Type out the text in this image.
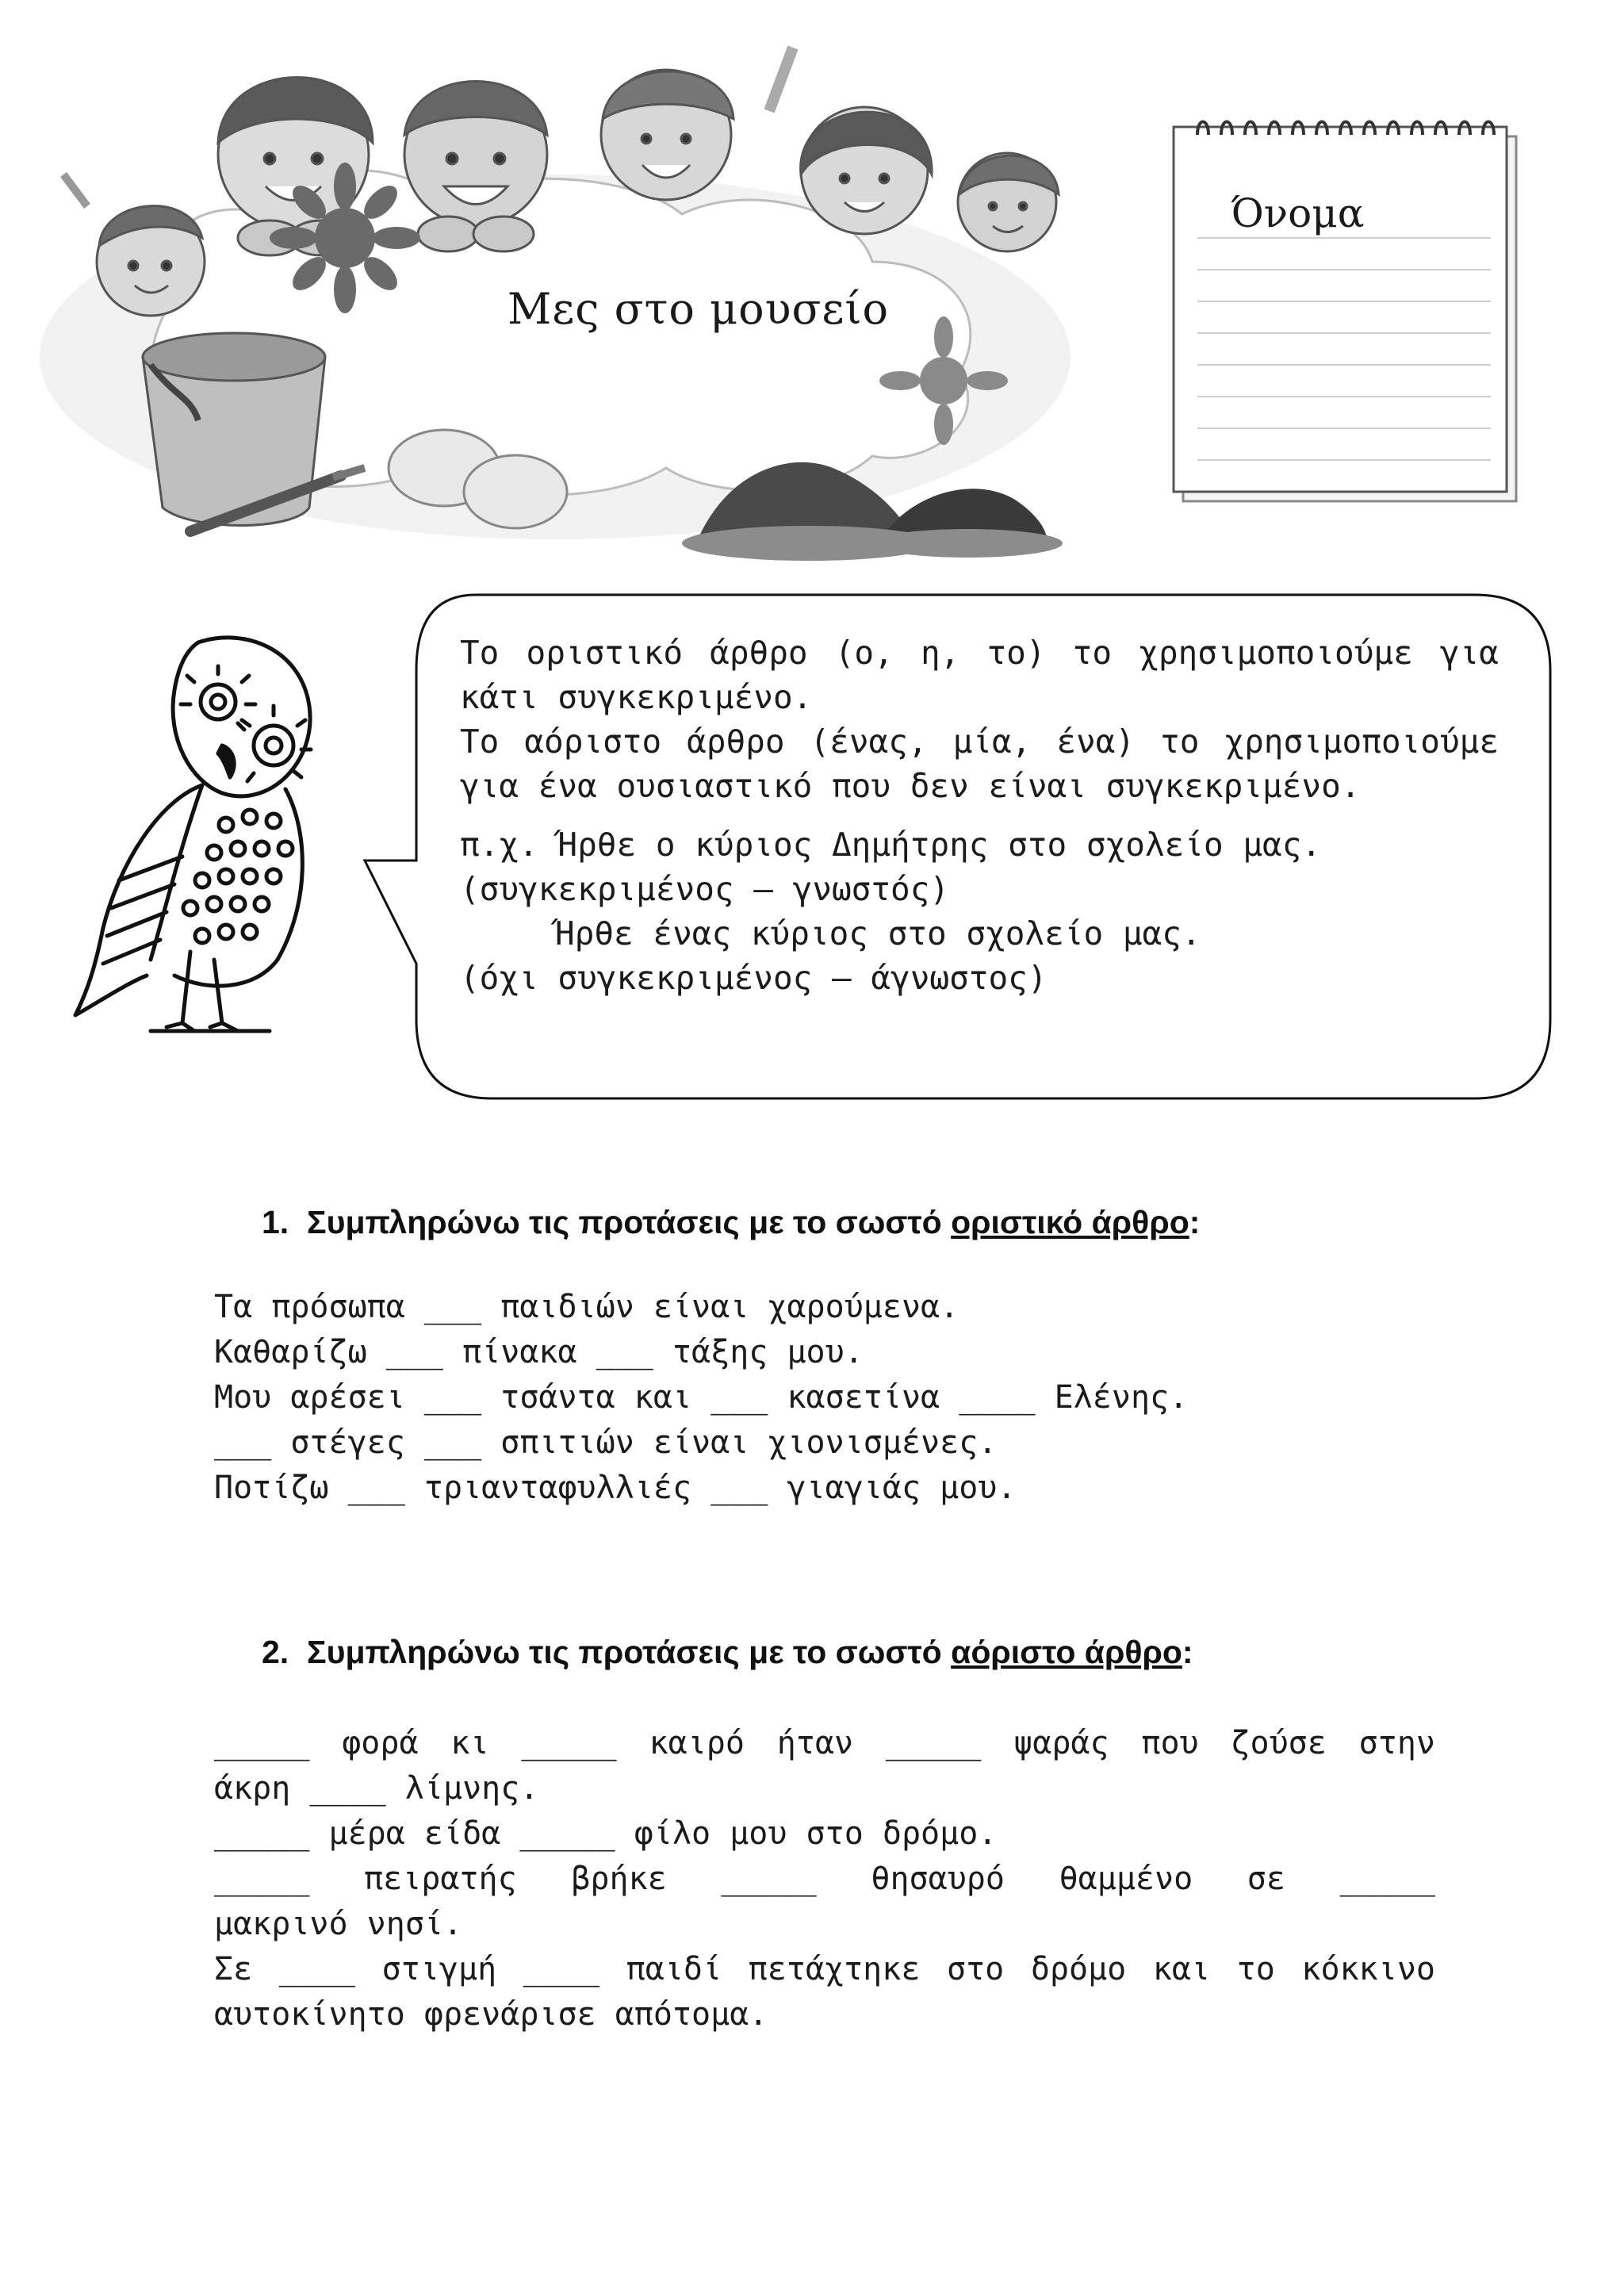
Μες στο μουσείο
Όνομα

Το οριστικό άρθρο (ο, η, το) το χρησιμοποιούμε για κάτι συγκεκριμένο.

Το αόριστο άρθρο (ένας, μία, ένα) το χρησιμοποιούμε για ένα ουσιαστικό που δεν είναι συγκεκριμένο.

π.χ. Ήρθε ο κύριος Δημήτρης στο σχολείο μας.

(συγκεκριμένος – γνωστός)

Ήρθε ένας κύριος στο σχολείο μας.

(όχι συγκεκριμένος – άγνωστος)

1. Συμπληρώνω τις προτάσεις με το σωστό οριστικό άρθρο:

Τα πρόσωπα ___ παιδιών είναι χαρούμενα.

Καθαρίζω ___ πίνακα ___ τάξης μου.

Μου αρέσει ___ τσάντα και ___ κασετίνα ____ Ελένης.

___ στέγες ___ σπιτιών είναι χιονισμένες.

Ποτίζω ___ τριανταφυλλιές ___ γιαγιάς μου.

2. Συμπληρώνω τις προτάσεις με το σωστό αόριστο άρθρο:

_____ φορά κι _____ καιρό ήταν _____ ψαράς που ζούσε στην

άκρη ____ λίμνης.

_____ μέρα είδα _____ φίλο μου στο δρόμο.

_____ πειρατής βρήκε _____ θησαυρό θαμμένο σε _____

μακρινό νησί.

Σε ____ στιγμή ____ παιδί πετάχτηκε στο δρόμο και το κόκκινο

αυτοκίνητο φρενάρισε απότομα.
